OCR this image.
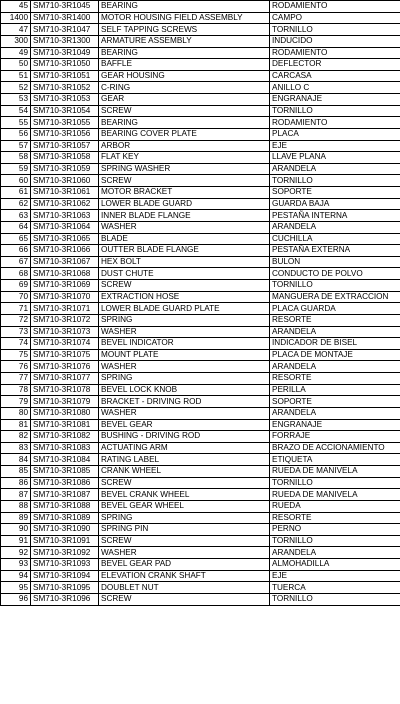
45	SM710-3R1045	BEARING	RODAMIENTO
1400	SM710-3R1400	MOTOR HOUSING FIELD ASSEMBLY	CAMPO
47	SM710-3R1047	SELF TAPPING SCREWS	TORNILLO
300	SM710-3R1300	ARMATURE ASSEMBLY	INDUCIDO
49	SM710-3R1049	BEARING	RODAMIENTO
50	SM710-3R1050	BAFFLE	DEFLECTOR
51	SM710-3R1051	GEAR HOUSING	CARCASA
52	SM710-3R1052	C-RING	ANILLO C
53	SM710-3R1053	GEAR	ENGRANAJE
54	SM710-3R1054	SCREW	TORNILLO
55	SM710-3R1055	BEARING	RODAMIENTO
56	SM710-3R1056	BEARING COVER PLATE	PLACA
57	SM710-3R1057	ARBOR	EJE
58	SM710-3R1058	FLAT KEY	LLAVE PLANA
59	SM710-3R1059	SPRING WASHER	ARANDELA
60	SM710-3R1060	SCREW	TORNILLO
61	SM710-3R1061	MOTOR BRACKET	SOPORTE
62	SM710-3R1062	LOWER BLADE GUARD	GUARDA BAJA
63	SM710-3R1063	INNER BLADE FLANGE	PESTAÑA INTERNA
64	SM710-3R1064	WASHER	ARANDELA
65	SM710-3R1065	BLADE	CUCHILLA
66	SM710-3R1066	OUTTER BLADE FLANGE	PESTAÑA EXTERNA
67	SM710-3R1067	HEX BOLT	BULON
68	SM710-3R1068	DUST CHUTE	CONDUCTO DE POLVO
69	SM710-3R1069	SCREW	TORNILLO
70	SM710-3R1070	EXTRACTION HOSE	MANGUERA DE EXTRACCION
71	SM710-3R1071	LOWER BLADE GUARD PLATE	PLACA GUARDA
72	SM710-3R1072	SPRING	RESORTE
73	SM710-3R1073	WASHER	ARANDELA
74	SM710-3R1074	BEVEL INDICATOR	INDICADOR DE BISEL
75	SM710-3R1075	MOUNT PLATE	PLACA DE MONTAJE
76	SM710-3R1076	WASHER	ARANDELA
77	SM710-3R1077	SPRING	RESORTE
78	SM710-3R1078	BEVEL LOCK KNOB	PERILLA
79	SM710-3R1079	BRACKET - DRIVING ROD	SOPORTE
80	SM710-3R1080	WASHER	ARANDELA
81	SM710-3R1081	BEVEL GEAR	ENGRANAJE
82	SM710-3R1082	BUSHING - DRIVING ROD	FORRAJE
83	SM710-3R1083	ACTUATING ARM	BRAZO DE ACCIONAMIENTO
84	SM710-3R1084	RATING LABEL	ETIQUETA
85	SM710-3R1085	CRANK WHEEL	RUEDA DE MANIVELA
86	SM710-3R1086	SCREW	TORNILLO
87	SM710-3R1087	BEVEL CRANK WHEEL	RUEDA DE MANIVELA
88	SM710-3R1088	BEVEL GEAR WHEEL	RUEDA
89	SM710-3R1089	SPRING	RESORTE
90	SM710-3R1090	SPRING PIN	PERNO
91	SM710-3R1091	SCREW	TORNILLO
92	SM710-3R1092	WASHER	ARANDELA
93	SM710-3R1093	BEVEL GEAR PAD	ALMOHADILLA
94	SM710-3R1094	ELEVATION CRANK SHAFT	EJE
95	SM710-3R1095	DOUBLET NUT	TUERCA
96	SM710-3R1096	SCREW	TORNILLO
